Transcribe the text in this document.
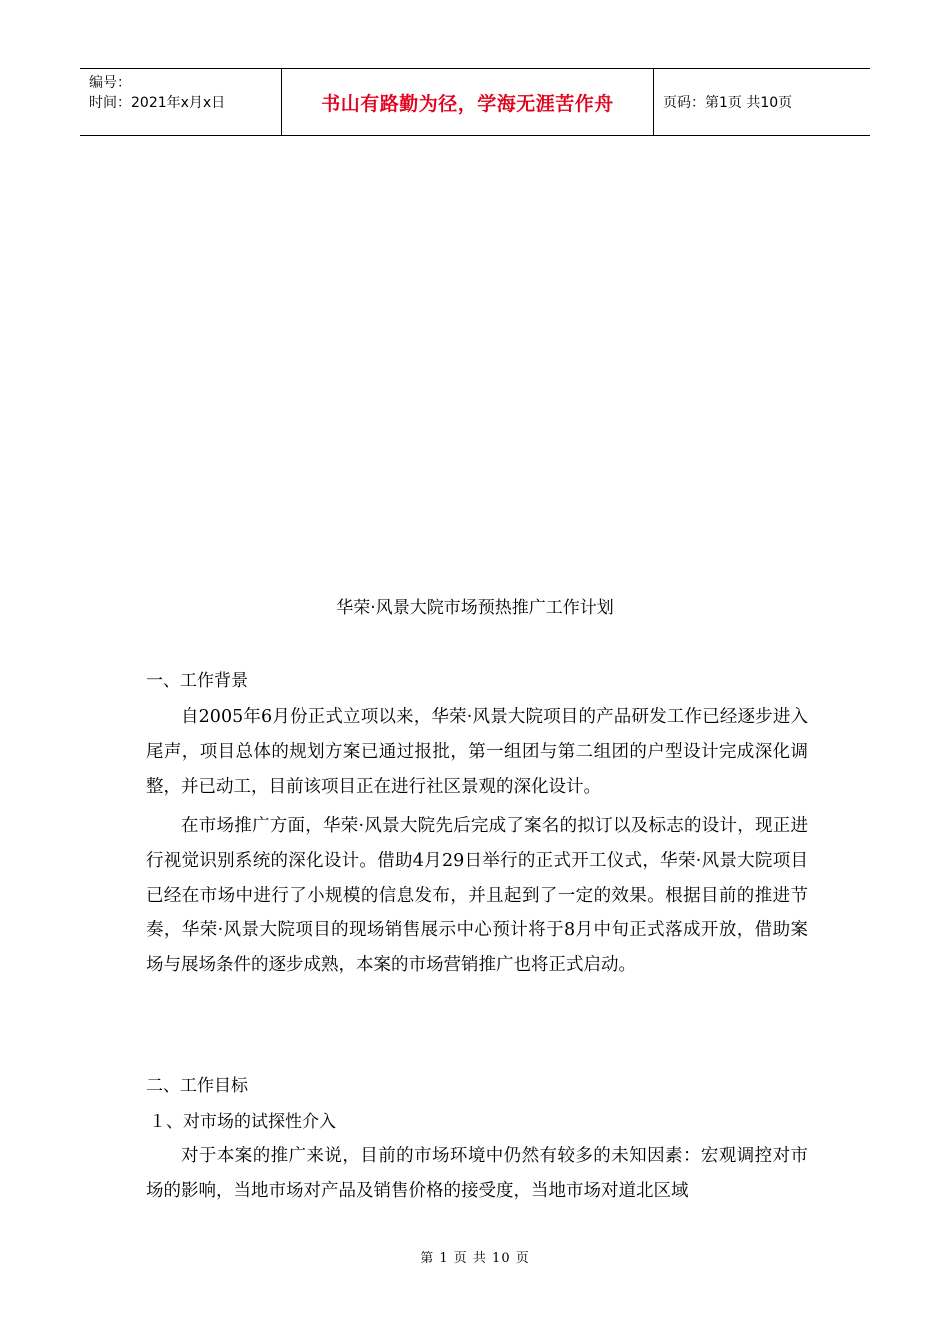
编号：
时间：2021年x月x日	书山有路勤为径，学海无涯苦作舟	页码：第1页 共10页
华荣·风景大院市场预热推广工作计划
一、工作背景

自2005年6月份正式立项以来，华荣·风景大院项目的产品研发工作已经逐步进入尾声，项目总体的规划方案已通过报批，第一组团与第二组团的户型设计完成深化调整，并已动工，目前该项目正在进行社区景观的深化设计。

在市场推广方面，华荣·风景大院先后完成了案名的拟订以及标志的设计，现正进行视觉识别系统的深化设计。借助4月29日举行的正式开工仪式，华荣·风景大院项目已经在市场中进行了小规模的信息发布，并且起到了一定的效果。根据目前的推进节奏，华荣·风景大院项目的现场销售展示中心预计将于8月中旬正式落成开放，借助案场与展场条件的逐步成熟，本案的市场营销推广也将正式启动。

二、工作目标
１、对市场的试探性介入

对于本案的推广来说，目前的市场环境中仍然有较多的未知因素：宏观调控对市场的影响，当地市场对产品及销售价格的接受度，当地市场对道北区域

第 1 页 共 10 页
